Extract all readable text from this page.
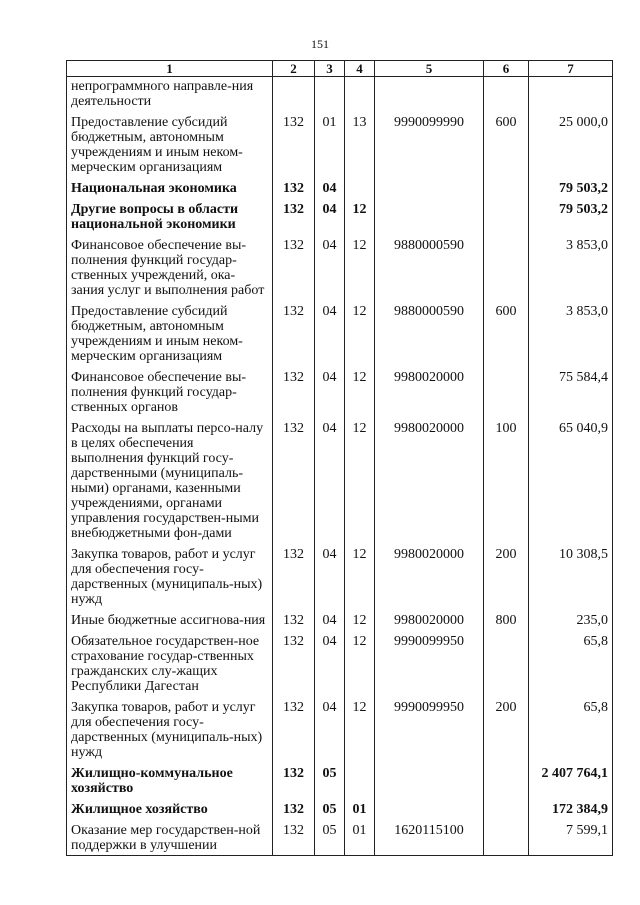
151
1	2	3	4	5	6	7
непрограммного направле-ния деятельности						
Предоставление субсидий бюджетным, автономным учреждениям и иным неком-мерческим организациям	132	01	13	9990099990	600	25 000,0
Национальная экономика	132	04				79 503,2
Другие вопросы в области национальной экономики	132	04	12			79 503,2
Финансовое обеспечение вы-полнения функций государ-ственных учреждений, ока-зания услуг и выполнения работ	132	04	12	9880000590		3 853,0
Предоставление субсидий бюджетным, автономным учреждениям и иным неком-мерческим организациям	132	04	12	9880000590	600	3 853,0
Финансовое обеспечение вы-полнения функций государ-ственных органов	132	04	12	9980020000		75 584,4
Расходы на выплаты персо-налу в целях обеспечения выполнения функций госу-дарственными (муниципаль-ными) органами, казенными учреждениями, органами управления государствен-ными внебюджетными фон-дами	132	04	12	9980020000	100	65 040,9
Закупка товаров, работ и услуг для обеспечения госу-дарственных (муниципаль-ных) нужд	132	04	12	9980020000	200	10 308,5
Иные бюджетные ассигнова-ния	132	04	12	9980020000	800	235,0
Обязательное государствен-ное страхование государ-ственных гражданских слу-жащих Республики Дагестан	132	04	12	9990099950		65,8
Закупка товаров, работ и услуг для обеспечения госу-дарственных (муниципаль-ных) нужд	132	04	12	9990099950	200	65,8
Жилищно-коммунальное хозяйство	132	05				2 407 764,1
Жилищное хозяйство	132	05	01			172 384,9
Оказание мер государствен-ной поддержки в улучшении	132	05	01	1620115100		7 599,1
